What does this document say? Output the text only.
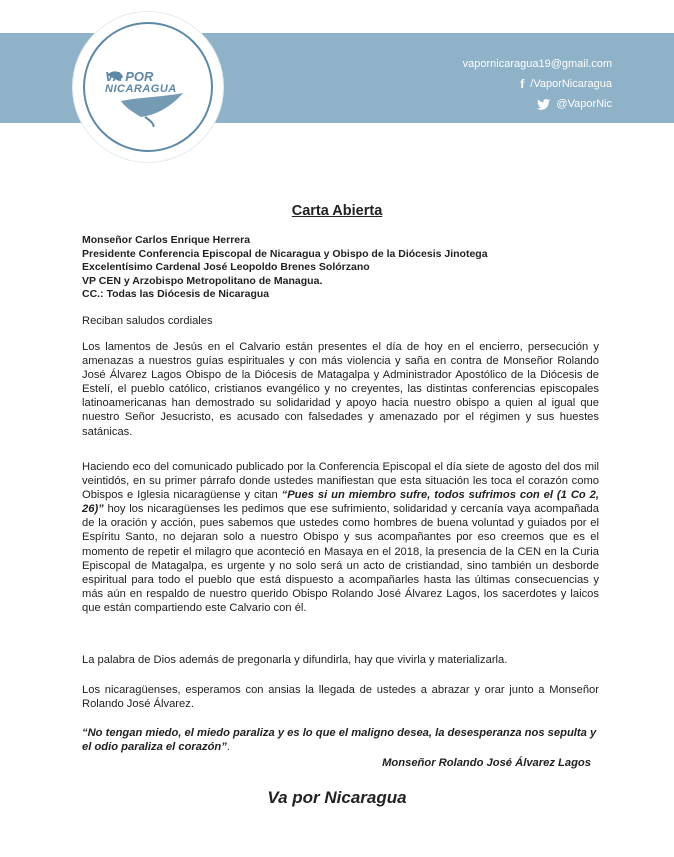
VA POR
NICARAGUA
vapornicaragua19@gmail.com
f /VaporNicaragua
@VaporNic
Carta Abierta
Monseñor Carlos Enrique Herrera
Presidente Conferencia Episcopal de Nicaragua y Obispo de la Diócesis Jinotega
Excelentísimo Cardenal José Leopoldo Brenes Solórzano
VP CEN y Arzobispo Metropolitano de Managua.
CC.: Todas las Diócesis de Nicaragua
Reciban saludos cordiales
Los lamentos de Jesús en el Calvario están presentes el día de hoy en el encierro, persecución y amenazas a nuestros guías espirituales y con más violencia y saña en contra de Monseñor Rolando José Álvarez Lagos Obispo de la Diócesis de Matagalpa y Administrador Apostólico de la Diócesis de Estelí, el pueblo católico, cristianos evangélico y no creyentes, las distintas conferencias episcopales latinoamericanas han demostrado su solidaridad y apoyo hacia nuestro obispo a quien al igual que nuestro Señor Jesucristo, es acusado con falsedades y amenazado por el régimen y sus huestes satánicas.
Haciendo eco del comunicado publicado por la Conferencia Episcopal el día siete de agosto del dos mil veintidós, en su primer párrafo donde ustedes manifiestan que esta situación les toca el corazón como Obispos e Iglesia nicaragüense y citan “Pues si un miembro sufre, todos sufrimos con el (1 Co 2, 26)” hoy los nicaragüenses les pedimos que ese sufrimiento, solidaridad y cercanía vaya acompañada de la oración y acción, pues sabemos que ustedes como hombres de buena voluntad y guiados por el Espíritu Santo, no dejaran solo a nuestro Obispo y sus acompañantes por eso creemos que es el momento de repetir el milagro que aconteció en Masaya en el 2018, la presencia de la CEN en la Curia Episcopal de Matagalpa, es urgente y no solo será un acto de cristiandad, sino también un desborde espiritual para todo el pueblo que está dispuesto a acompañarles hasta las últimas consecuencias y más aún en respaldo de nuestro querido Obispo Rolando José Álvarez Lagos, los sacerdotes y laicos que están compartiendo este Calvario con él.
La palabra de Dios además de pregonarla y difundirla, hay que vivirla y materializarla.
Los nicaragüenses, esperamos con ansias la llegada de ustedes a abrazar y orar junto a Monseñor Rolando José Álvarez.
“No tengan miedo, el miedo paraliza y es lo que el maligno desea, la desesperanza nos sepulta y el odio paraliza el corazón”.
Monseñor Rolando José Álvarez Lagos
Va por Nicaragua
